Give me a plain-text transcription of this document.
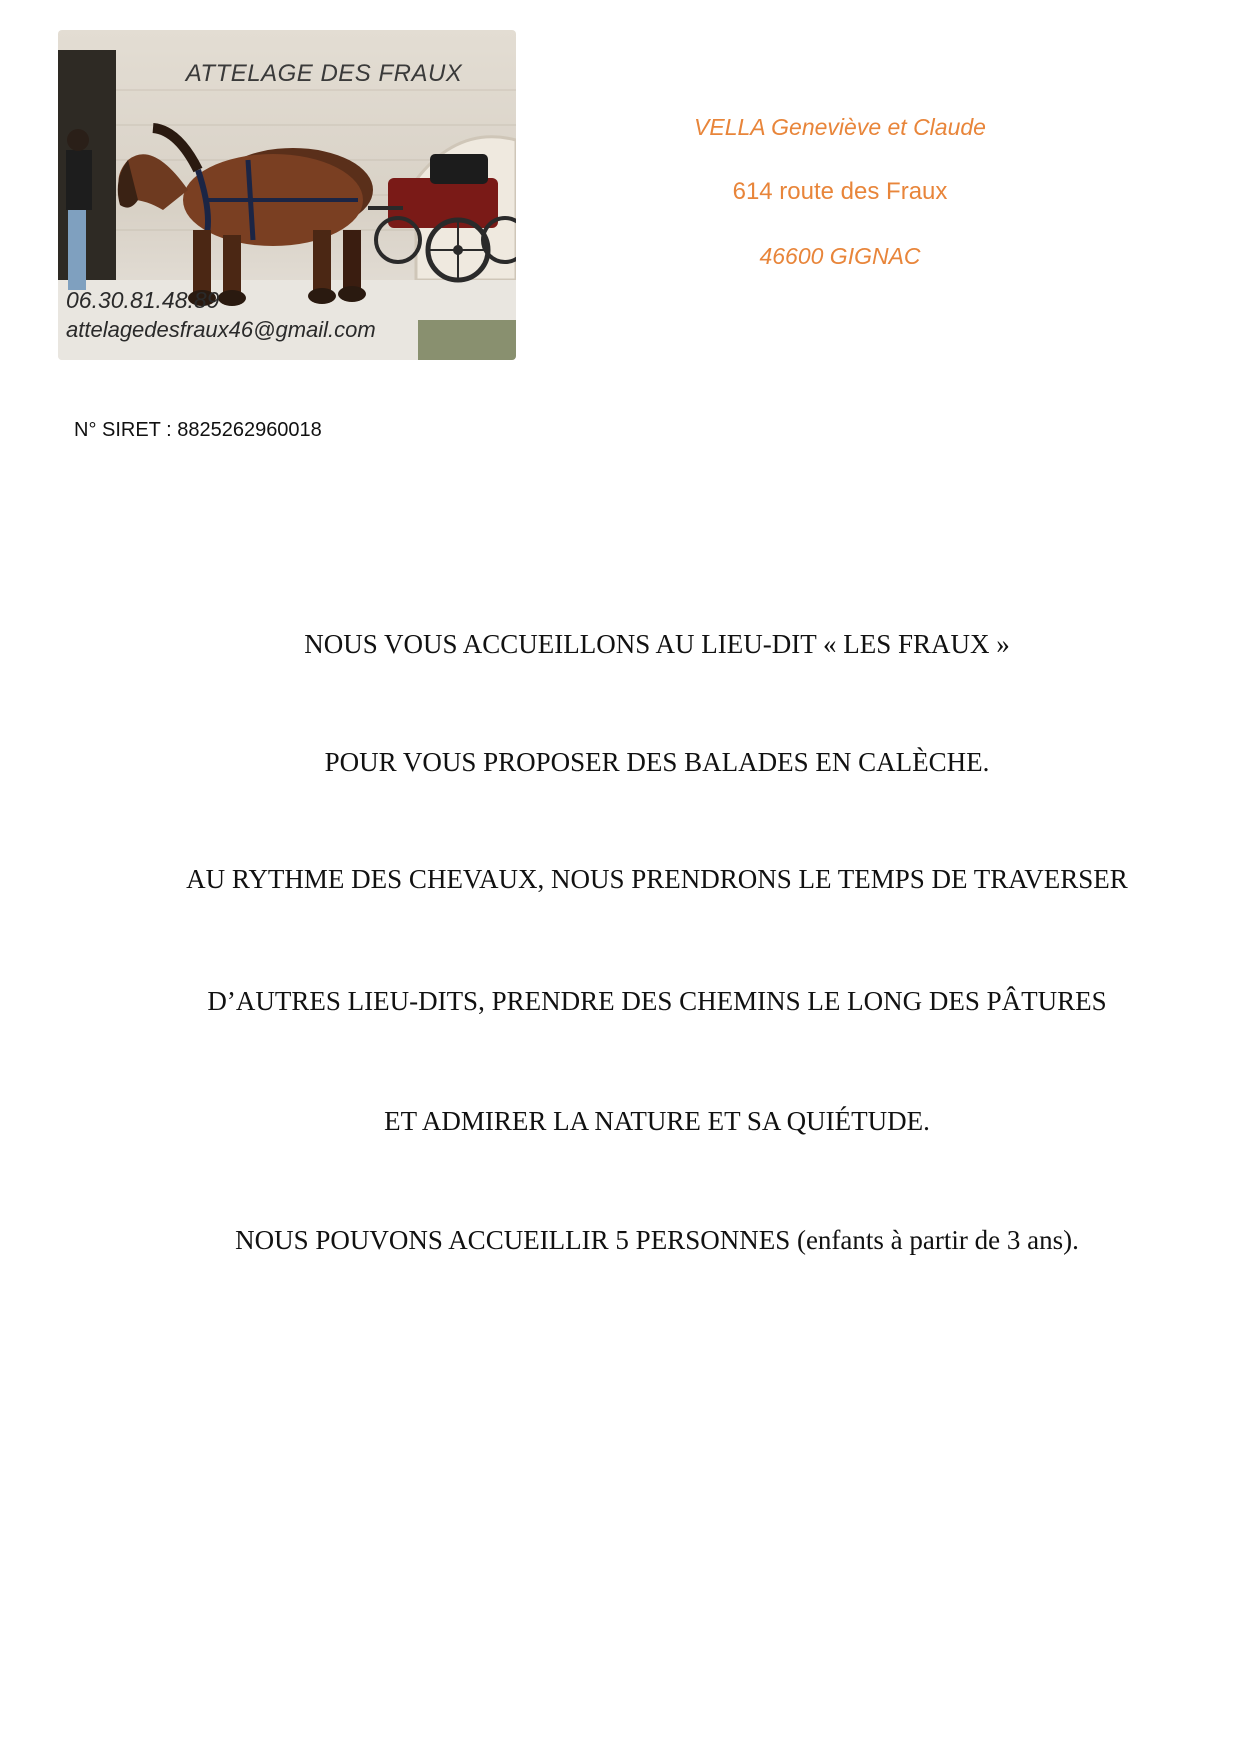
ATTELAGE DES FRAUX
06.30.81.48.89
attelagedesfraux46@gmail.com
VELLA Geneviève et Claude
614 route des Fraux
46600 GIGNAC
N° SIRET : 8825262960018
NOUS VOUS ACCUEILLONS AU LIEU-DIT « LES FRAUX »
POUR VOUS PROPOSER DES BALADES EN CALÈCHE.
AU RYTHME DES CHEVAUX, NOUS PRENDRONS LE TEMPS DE TRAVERSER
D’AUTRES LIEU-DITS, PRENDRE DES CHEMINS LE LONG DES PÂTURES
ET ADMIRER LA NATURE ET SA QUIÉTUDE.
NOUS POUVONS ACCUEILLIR 5 PERSONNES (enfants à partir de 3 ans).
